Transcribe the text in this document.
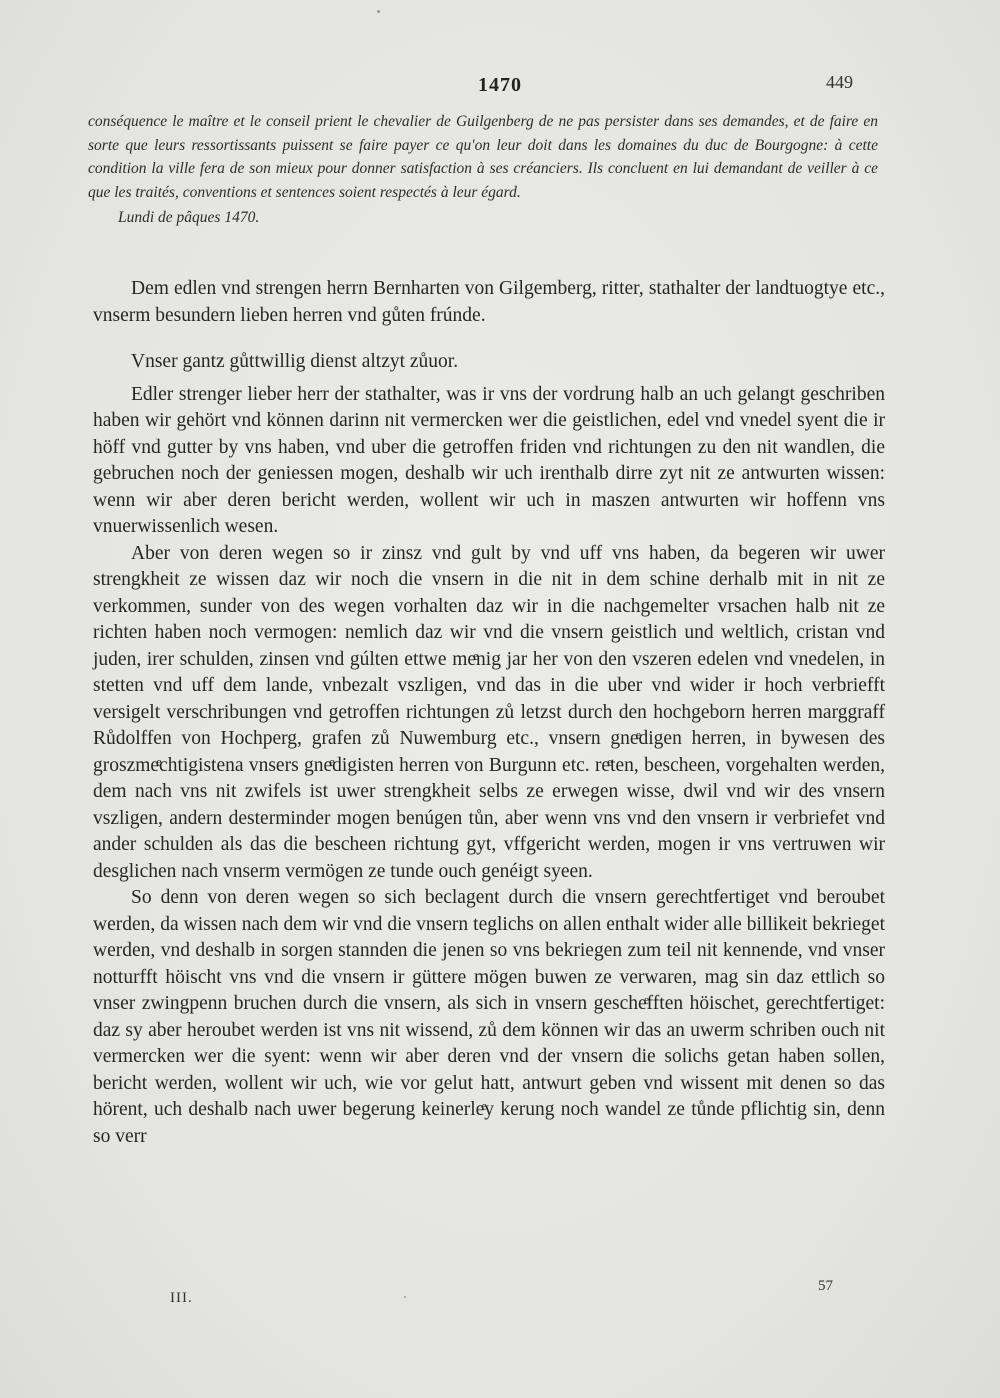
1470	449

conséquence le maître et le conseil prient le chevalier de Guilgenberg de ne pas persister dans ses demandes, et de faire en sorte que leurs ressortissants puissent se faire payer ce qu'on leur doit dans les domaines du duc de Bourgogne: à cette condition la ville fera de son mieux pour donner satisfaction à ses créanciers. Ils concluent en lui demandant de veiller à ce que les traités, conventions et sentences soient respectés à leur égard.

Lundi de pâques 1470.

Dem edlen vnd strengen herrn Bernharten von Gilgemberg, ritter, stathalter der landtuogtye etc., vnserm besundern lieben herren vnd gůten frúnde.

Vnser gantz gůttwillig dienst altzyt zůuor.

Edler strenger lieber herr der stathalter, was ir vns der vordrung halb an uch gelangt geschriben haben wir gehört vnd können darinn nit vermercken wer die geistlichen, edel vnd vnedel syent die ir höff vnd gutter by vns haben, vnd uber die getroffen friden vnd richtungen zu den nit wandlen, die gebruchen noch der geniessen mogen, deshalb wir uch irenthalb dirre zyt nit ze antwurten wissen: wenn wir aber deren bericht werden, wollent wir uch in maszen antwurten wir hoffenn vns vnuerwissenlich wesen.

Aber von deren wegen so ir zinsz vnd gult by vnd uff vns haben, da begeren wir uwer strengkheit ze wissen daz wir noch die vnsern in die nit in dem schine derhalb mit in nit ze verkommen, sunder von des wegen vorhalten daz wir in die nachgemelter vrsachen halb nit ze richten haben noch vermogen: nemlich daz wir vnd die vnsern geistlich und weltlich, cristan vnd juden, irer schulden, zinsen vnd gúlten ettwe meͤnig jar her von den vszeren edelen vnd vnedelen, in stetten vnd uff dem lande, vnbezalt vszligen, vnd das in die uber vnd wider ir hoch verbriefft versigelt verschribungen vnd getroffen richtungen zů letzst durch den hochgeborn herren marggraff Růdolffen von Hochperg, grafen zů Nuwemburg etc., vnsern gneͤdigen herren, in bywesen des groszmeͤchtigistena vnsers gneͤdigisten herren von Burgunn etc. reͤten, bescheen, vorgehalten werden, dem nach vns nit zwifels ist uwer strengkheit selbs ze erwegen wisse, dwil vnd wir des vnsern vszligen, andern desterminder mogen benúgen tůn, aber wenn vns vnd den vnsern ir verbriefet vnd ander schulden als das die bescheen richtung gyt, vffgericht werden, mogen ir vns vertruwen wir desglichen nach vnserm vermögen ze tunde ouch genéigt syeen.

So denn von deren wegen so sich beclagent durch die vnsern gerechtfertiget vnd beroubet werden, da wissen nach dem wir vnd die vnsern teglichs on allen enthalt wider alle billikeit bekrieget werden, vnd deshalb in sorgen stannden die jenen so vns bekriegen zum teil nit kennende, vnd vnser notturfft höischt vns vnd die vnsern ir güttere mögen buwen ze verwaren, mag sin daz ettlich so vnser zwingpenn bruchen durch die vnsern, als sich in vnsern gescheͤfften höischet, gerechtfertiget: daz sy aber heroubet werden ist vns nit wissend, zů dem können wir das an uwerm schriben ouch nit vermercken wer die syent: wenn wir aber deren vnd der vnsern die solichs getan haben sollen, bericht werden, wollent wir uch, wie vor gelut hatt, antwurt geben vnd wissent mit denen so das hörent, uch deshalb nach uwer begerung keinerleͤy kerung noch wandel ze tůnde pflichtig sin, denn so verr

III.
57
